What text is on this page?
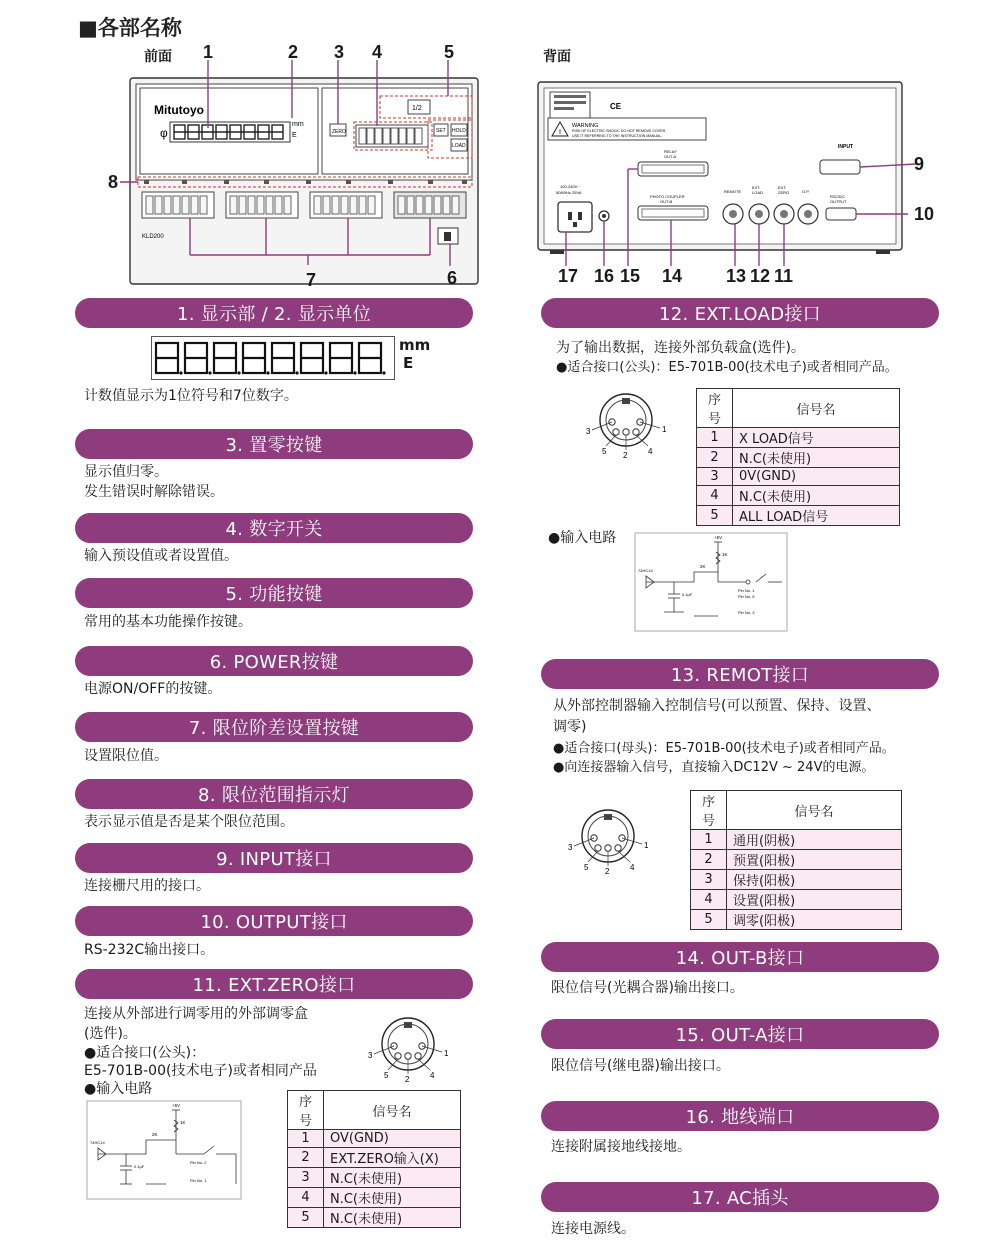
■各部名称
前面	背面
Mitutoyo
φ
mm
E	ZERO
1/2
SET HOLD
LOAD
KLD200
1	2 3 4	5
8
7	6
CE
!
WARNING
RISK OF ELECTRIC SHOCK. DO NOT REMOVE COVER.
USE IT REFERRING TO THE INSTRUCTION MANUAL.
RELAY
OUT-A
PHOTO COUPLER
OUT-B
INPUT
RS232C
OUTPUT
REMOTE
EXT.
LOAD
EXT.
ZERO	O.P.
100-240V~
50/60Hz 25VA
9
10
17 16 15 14 13 12 11
1. 显示部 / 2. 显示单位
mm
E
计数值显示为1位符号和7位数字。
3. 置零按键
显示值归零。
发生错误时解除错误。
4. 数字开关
输入预设值或者设置值。
5. 功能按键
常用的基本功能操作按键。
6. POWER按键
电源ON/OFF的按键。
7. 限位阶差设置按键
设置限位值。
8. 限位范围指示灯
表示显示值是否是某个限位范围。
9. INPUT接口
连接栅尺用的接口。
10. OUTPUT接口
RS-232C输出接口。
11. EXT.ZERO接口
连接从外部进行调零用的外部调零盒
(选件)。
●适合接口(公头)：
E5-701B-00(技术电子)或者相同产品
●输入电路
1
2
3
4
5
+5V
1K
2K
74HC14
0.1μF
Pin No. 2
Pin No. 1
序号	信号名
1	OV(GND)
2	EXT.ZERO输入(X)
3	N.C(未使用)
4	N.C(未使用)
5	N.C(未使用)
12. EXT.LOAD接口
为了输出数据，连接外部负载盒(选件)。
●适合接口(公头)：E5-701B-00(技术电子)或者相同产品。
1
2
3
4
5
序号	信号名
1	X LOAD信号
2	N.C(未使用)
3	0V(GND)
4	N.C(未使用)
5	ALL LOAD信号
●输入电路	+5V
1K
2K
74HC14
0.1μF
Pin No. 1
Pin No. 5
Pin No. 3
13. REMOT接口
从外部控制器输入控制信号(可以预置、保持、设置、
调零)
●适合接口(母头)：E5-701B-00(技术电子)或者相同产品。
●向连接器输入信号，直接输入DC12V ~ 24V的电源。
1
2
3
4
5
序号	信号名
1	通用(阴极)
2	预置(阳极)
3	保持(阳极)
4	设置(阳极)
5	调零(阳极)
14. OUT-B接口
限位信号(光耦合器)输出接口。
15. OUT-A接口
限位信号(继电器)输出接口。
16. 地线端口
连接附属接地线接地。
17. AC插头
连接电源线。
